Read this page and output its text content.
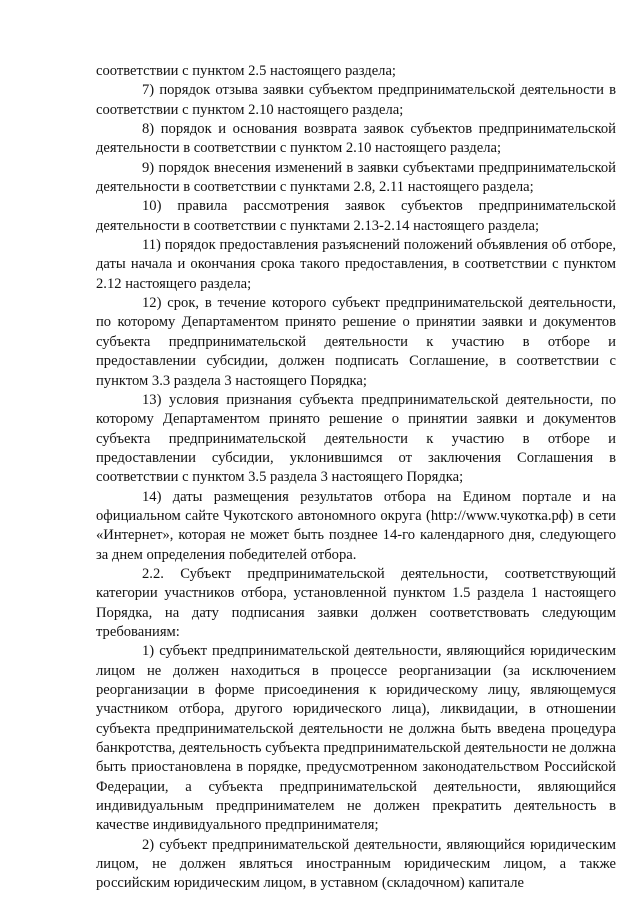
соответствии с пунктом 2.5 настоящего раздела;

7) порядок отзыва заявки субъектом предпринимательской деятельности в соответствии с пунктом 2.10 настоящего раздела;

8) порядок и основания возврата заявок субъектов предпринимательской деятельности в соответствии с пунктом 2.10 настоящего раздела;

9) порядок внесения изменений в заявки субъектами предпринимательской деятельности в соответствии с пунктами 2.8, 2.11 настоящего раздела;

10) правила рассмотрения заявок субъектов предпринимательской деятельности в соответствии с пунктами 2.13-2.14 настоящего раздела;

11) порядок предоставления разъяснений положений объявления об отборе, даты начала и окончания срока такого предоставления, в соответствии с пунктом 2.12 настоящего раздела;

12) срок, в течение которого субъект предпринимательской деятельности, по которому Департаментом принято решение о принятии заявки и документов субъекта предпринимательской деятельности к участию в отборе и предоставлении субсидии, должен подписать Соглашение, в соответствии с пунктом 3.3 раздела 3 настоящего Порядка;

13) условия признания субъекта предпринимательской деятельности, по которому Департаментом принято решение о принятии заявки и документов субъекта предпринимательской деятельности к участию в отборе и предоставлении субсидии, уклонившимся от заключения Соглашения в соответствии с пунктом 3.5 раздела 3 настоящего Порядка;

14) даты размещения результатов отбора на Едином портале и на официальном сайте Чукотского автономного округа (http://www.чукотка.рф) в сети «Интернет», которая не может быть позднее 14-го календарного дня, следующего за днем определения победителей отбора.

2.2. Субъект предпринимательской деятельности, соответствующий категории участников отбора, установленной пунктом 1.5 раздела 1 настоящего Порядка, на дату подписания заявки должен соответствовать следующим требованиям:

1) субъект предпринимательской деятельности, являющийся юридическим лицом не должен находиться в процессе реорганизации (за исключением реорганизации в форме присоединения к юридическому лицу, являющемуся участником отбора, другого юридического лица), ликвидации, в отношении субъекта предпринимательской деятельности не должна быть введена процедура банкротства, деятельность субъекта предпринимательской деятельности не должна быть приостановлена в порядке, предусмотренном законодательством Российской Федерации, а субъекта предпринимательской деятельности, являющийся индивидуальным предпринимателем не должен прекратить деятельность в качестве индивидуального предпринимателя;

2) субъект предпринимательской деятельности, являющийся юридическим лицом, не должен являться иностранным юридическим лицом, а также российским юридическим лицом, в уставном (складочном) капитале
